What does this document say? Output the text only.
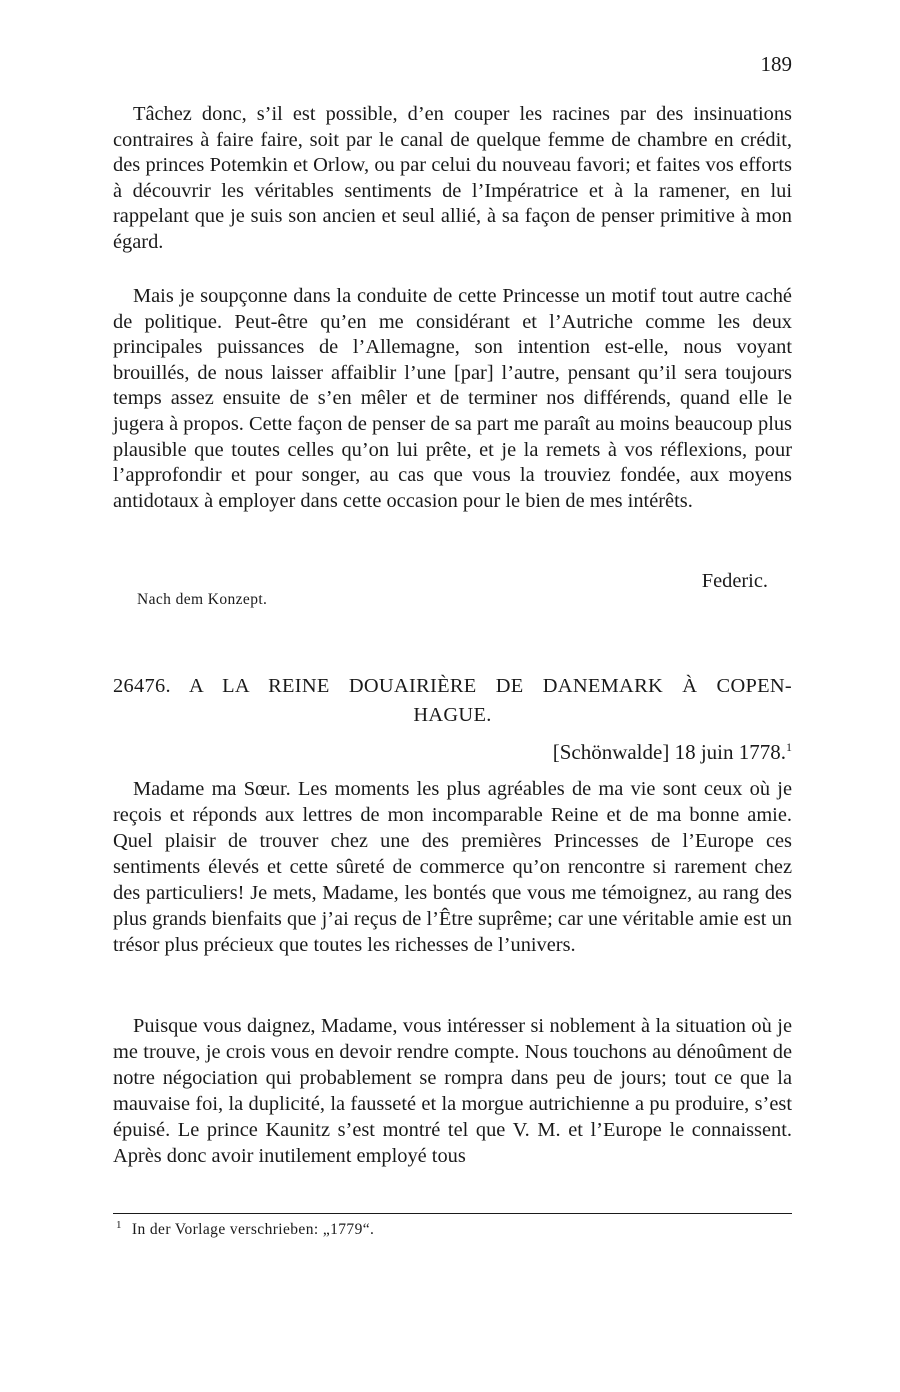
189

Tâchez donc, s’il est possible, d’en couper les racines par des insinuations contraires à faire faire, soit par le canal de quelque femme de chambre en crédit, des princes Potemkin et Orlow, ou par celui du nouveau favori; et faites vos efforts à découvrir les véritables sentiments de l’Impératrice et à la ramener, en lui rappelant que je suis son ancien et seul allié, à sa façon de penser primitive à mon égard.

Mais je soupçonne dans la conduite de cette Princesse un motif tout autre caché de politique. Peut-être qu’en me considérant et l’Autriche comme les deux principales puissances de l’Allemagne, son intention est-elle, nous voyant brouillés, de nous laisser affaiblir l’une [par] l’autre, pensant qu’il sera toujours temps assez ensuite de s’en mêler et de terminer nos différends, quand elle le jugera à propos. Cette façon de penser de sa part me paraît au moins beaucoup plus plausible que toutes celles qu’on lui prête, et je la remets à vos réflexions, pour l’approfondir et pour songer, au cas que vous la trouviez fondée, aux moyens antidotaux à employer dans cette occasion pour le bien de mes intérêts.

Federic.
Nach dem Konzept.
26476. A LA REINE DOUAIRIÈRE DE DANEMARK À COPEN-
HAGUE.
[Schönwalde] 18 juin 1778.$^1$

Madame ma Sœur. Les moments les plus agréables de ma vie sont ceux où je reçois et réponds aux lettres de mon incomparable Reine et de ma bonne amie. Quel plaisir de trouver chez une des premières Princesses de l’Europe ces sentiments élevés et cette sûreté de commerce qu’on rencontre si rarement chez des particuliers! Je mets, Madame, les bontés que vous me témoignez, au rang des plus grands bienfaits que j’ai reçus de l’Être suprême; car une véritable amie est un trésor plus précieux que toutes les richesses de l’univers.

Puisque vous daignez, Madame, vous intéresser si noblement à la situation où je me trouve, je crois vous en devoir rendre compte. Nous touchons au dénoûment de notre négociation qui probablement se rompra dans peu de jours; tout ce que la mauvaise foi, la duplicité, la fausseté et la morgue autrichienne a pu produire, s’est épuisé. Le prince Kaunitz s’est montré tel que V. M. et l’Europe le connaissent. Après donc avoir inutilement employé tous

$^1$ In der Vorlage verschrieben: „1779“.
